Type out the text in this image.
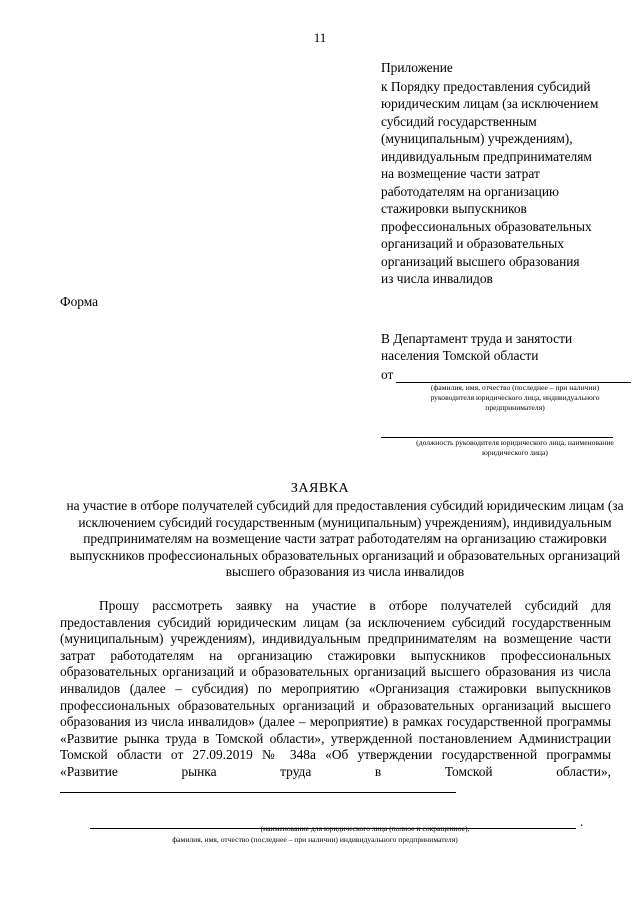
11
Приложение
к Порядку предоставления субсидий
юридическим лицам (за исключением
субсидий государственным
(муниципальным) учреждениям),
индивидуальным предпринимателям
на возмещение части затрат
работодателям на организацию
стажировки выпускников
профессиональных образовательных
организаций и образовательных
организаций высшего образования
из числа инвалидов
Форма
В Департамент труда и занятости
населения Томской области
от
(фамилия, имя, отчество (последнее – при наличии)
руководителя юридического лица, индивидуального
предпринимателя)
(должность руководителя юридического лица, наименование
юридического лица)
ЗАЯВКА
на участие в отборе получателей субсидий для предоставления субсидий юридическим лицам (за исключением субсидий государственным (муниципальным) учреждениям), индивидуальным предпринимателям на возмещение части затрат работодателям на организацию стажировки выпускников профессиональных образовательных организаций и образовательных организаций высшего образования из числа инвалидов
Прошу рассмотреть заявку на участие в отборе получателей субсидий для предоставления субсидий юридическим лицам (за исключением субсидий государственным (муниципальным) учреждениям), индивидуальным предпринимателям на возмещение части затрат работодателям на организацию стажировки выпускников профессиональных образовательных организаций и образовательных организаций высшего образования из числа инвалидов (далее – субсидия) по мероприятию «Организация стажировки выпускников профессиональных образовательных организаций и образовательных организаций высшего образования из числа инвалидов» (далее – мероприятие) в рамках государственной программы «Развитие рынка труда в Томской области», утвержденной постановлением Администрации Томской области от 27.09.2019 № 348а «Об утверждении государственной программы «Развитие рынка труда в Томской области»,
(наименование для юридического лица (полное и сокращенное),	.
фамилия, имя, отчество (последнее – при наличии) индивидуального предпринимателя)
